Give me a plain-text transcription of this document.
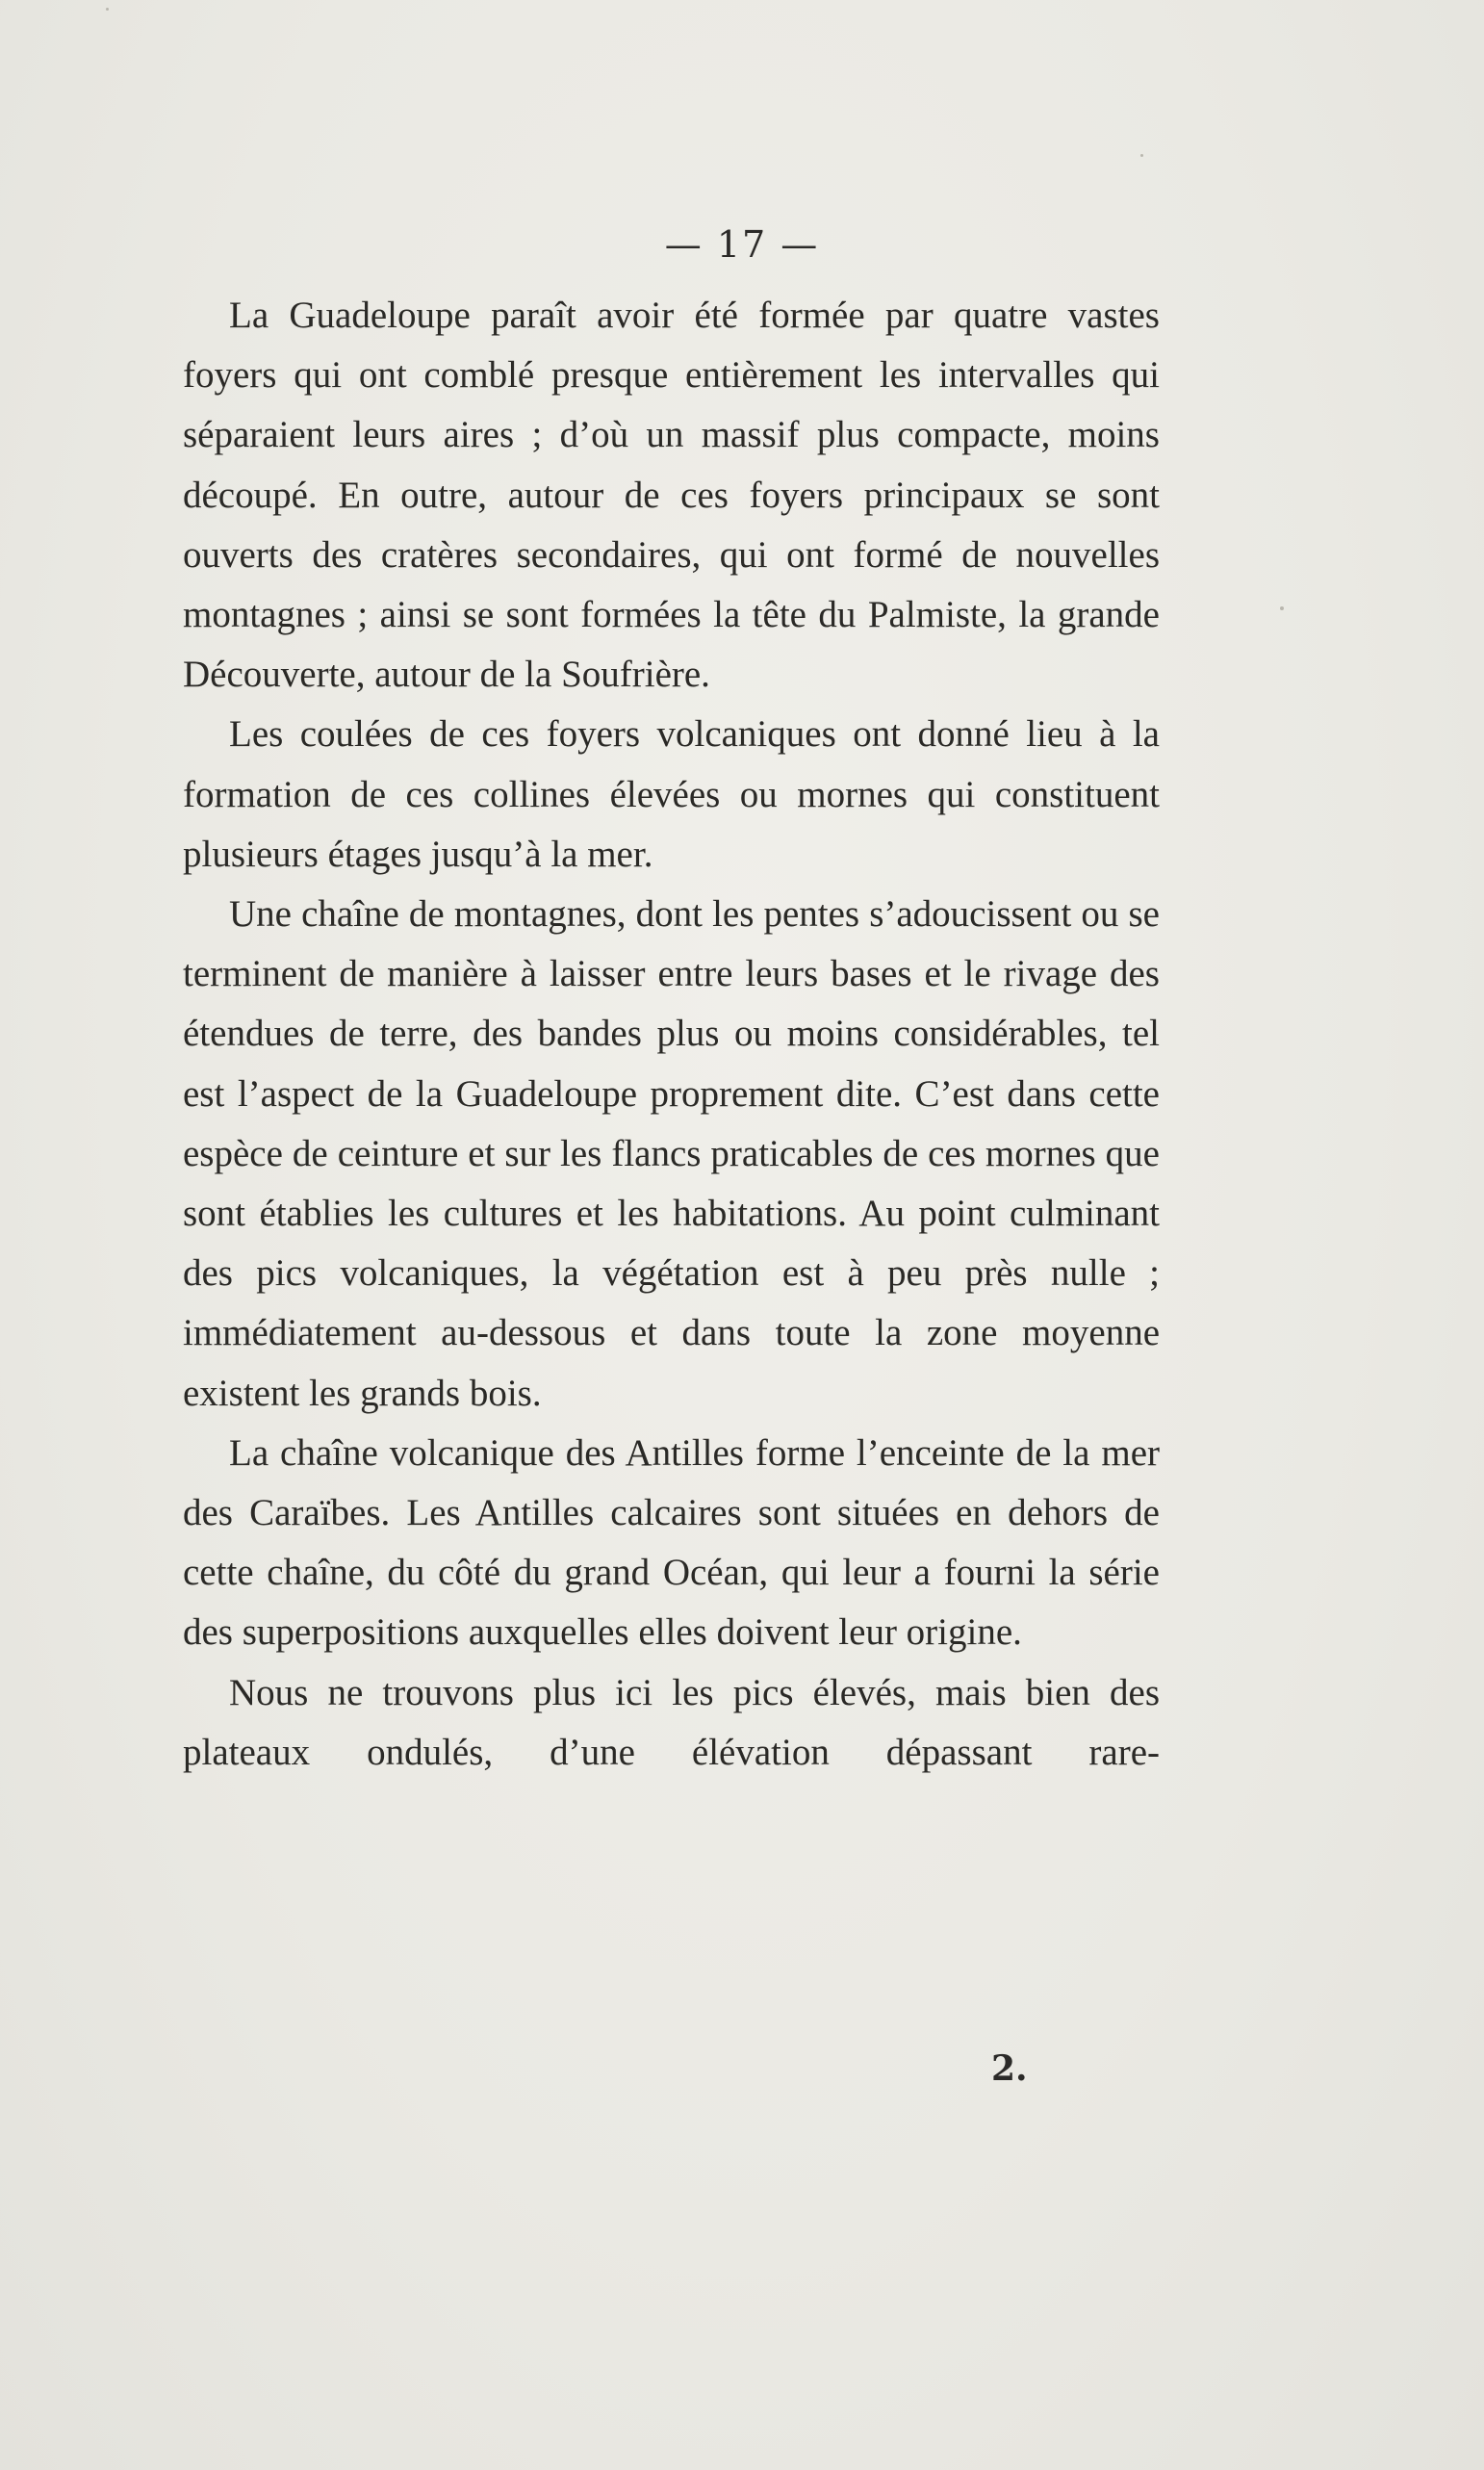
— 17 —

La Guadeloupe paraît avoir été formée par quatre vastes foyers qui ont comblé presque entièrement les intervalles qui séparaient leurs aires ; d’où un massif plus compacte, moins découpé. En outre, autour de ces foyers principaux se sont ouverts des cratères secondaires, qui ont formé de nouvelles montagnes ; ainsi se sont formées la tête du Palmiste, la grande Découverte, autour de la Soufrière.

Les coulées de ces foyers volcaniques ont donné lieu à la formation de ces collines élevées ou mornes qui constituent plusieurs étages jusqu’à la mer.

Une chaîne de montagnes, dont les pentes s’adoucissent ou se terminent de manière à laisser entre leurs bases et le rivage des étendues de terre, des bandes plus ou moins considérables, tel est l’aspect de la Guadeloupe proprement dite. C’est dans cette espèce de ceinture et sur les flancs praticables de ces mornes que sont établies les cultures et les habitations. Au point culminant des pics volcaniques, la végétation est à peu près nulle ; immédiatement au-dessous et dans toute la zone moyenne existent les grands bois.

La chaîne volcanique des Antilles forme l’enceinte de la mer des Caraïbes. Les Antilles calcaires sont situées en dehors de cette chaîne, du côté du grand Océan, qui leur a fourni la série des superpositions auxquelles elles doivent leur origine.

Nous ne trouvons plus ici les pics élevés, mais bien des plateaux ondulés, d’une élévation dépassant rare-

2.
